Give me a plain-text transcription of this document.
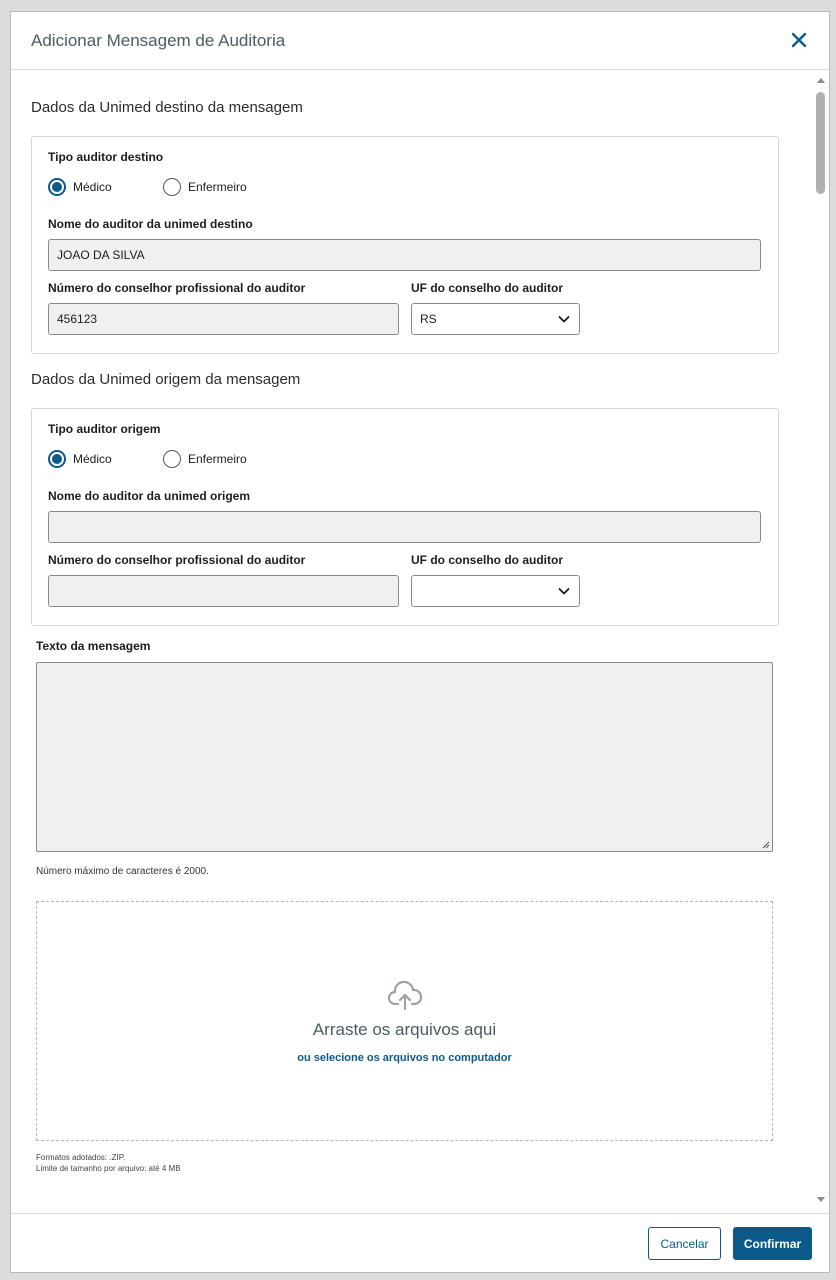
Adicionar Mensagem de Auditoria
Dados da Unimed destino da mensagem
Tipo auditor destino
Médico	Enfermeiro
Nome do auditor da unimed destino
JOAO DA SILVA
Número do conselhor profissional do auditor
456123
UF do conselho do auditor
RS
Dados da Unimed origem da mensagem
Tipo auditor origem
Médico	Enfermeiro
Nome do auditor da unimed origem
Número do conselhor profissional do auditor	UF do conselho do auditor
Texto da mensagem
Número máximo de caracteres é 2000.
Arraste os arquivos aqui
ou selecione os arquivos no computador
Formatos adotados: .ZIP.
Limite de tamanho por arquivo: até 4 MB
Cancelar	Confirmar
